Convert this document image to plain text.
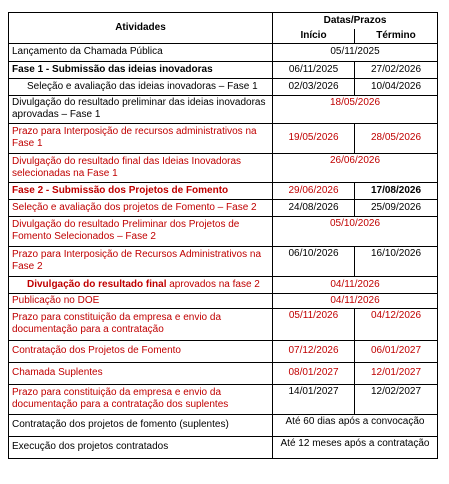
Atividades	Datas/Prazos	
	Início	Término
Lançamento da Chamada Pública	05/11/2025	
Fase 1 - Submissão das ideias inovadoras	06/11/2025	27/02/2026
Seleção e avaliação das ideias inovadoras – Fase 1	02/03/2026	10/04/2026
Divulgação do resultado preliminar das ideias inovadoras aprovadas – Fase 1	18/05/2026	
Prazo para Interposição de recursos administrativos na Fase 1	19/05/2026	28/05/2026
Divulgação do resultado final das Ideias Inovadoras selecionadas na Fase 1	26/06/2026	
Fase 2 - Submissão dos Projetos de Fomento	29/06/2026	17/08/2026
Seleção e avaliação dos projetos de Fomento – Fase 2	24/08/2026	25/09/2026
Divulgação do resultado Preliminar dos Projetos de Fomento Selecionados – Fase 2	05/10/2026	
Prazo para Interposição de Recursos Administrativos na Fase 2	06/10/2026	16/10/2026
Divulgação do resultado final aprovados na fase 2	04/11/2026	
Publicação no DOE	04/11/2026	
Prazo para constituição da empresa e envio da documentação para a contratação	05/11/2026	04/12/2026
Contratação dos Projetos de Fomento	07/12/2026	06/01/2027
Chamada Suplentes	08/01/2027	12/01/2027
Prazo para constituição da empresa e envio da documentação para a contratação dos suplentes	14/01/2027	12/02/2027
Contratação dos projetos de fomento (suplentes)	Até 60 dias após a convocação	
Execução dos projetos contratados	Até 12 meses após a contratação	
